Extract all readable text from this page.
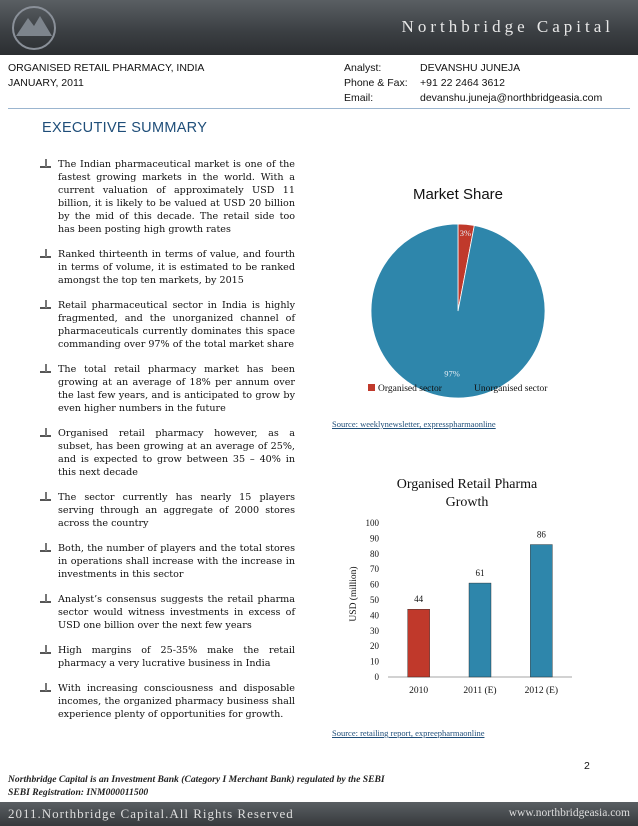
Northbridge Capital
ORGANISED RETAIL PHARMACY, INDIA
JANUARY, 2011
Analyst:	DEVANSHU JUNEJA
Phone & Fax:	+91 22 2464 3612
Email:	devanshu.juneja@northbridgeasia.com
EXECUTIVE SUMMARY
The Indian pharmaceutical market is one of the fastest growing markets in the world. With a current valuation of approximately USD 11 billion, it is likely to be valued at USD 20 billion by the mid of this decade. The retail side too has been posting high growth rates
Ranked thirteenth in terms of value, and fourth in terms of volume, it is estimated to be ranked amongst the top ten markets, by 2015
Retail pharmaceutical sector in India is highly fragmented, and the unorganized channel of pharmaceuticals currently dominates this space commanding over 97% of the total market share
The total retail pharmacy market has been growing at an average of 18% per annum over the last few years, and is anticipated to grow by even higher numbers in the future
Organised retail pharmacy however, as a subset, has been growing at an average of 25%, and is expected to grow between 35 – 40% in this next decade
The sector currently has nearly 15 players serving through an aggregate of 2000 stores across the country
Both, the number of players and the total stores in operations shall increase with the increase in investments in this sector
Analyst’s consensus suggests the retail pharma sector would witness investments in excess of USD one billion over the next few years
High margins of 25-35% make the retail pharmacy a very lucrative business in India
With increasing consciousness and disposable incomes, the organized pharmacy business shall experience plenty of opportunities for growth.
Market Share
3%
97%
Organised sector	Unorganised sector
Source: weeklynewsletter, expresspharmaonline
Organised Retail Pharma
Growth
USD (million)
0
10
20
30
40
50
60
70
80
90
100
44
2010
61
2011 (E)
86
2012 (E)
Source: retailing report, expreepharmaonline
2
Northbridge Capital is an Investment Bank (Category I Merchant Bank) regulated by the SEBI
SEBI Registration: INM000011500
2011.Northbridge Capital.All Rights Reserved	www.northbridgeasia.com
